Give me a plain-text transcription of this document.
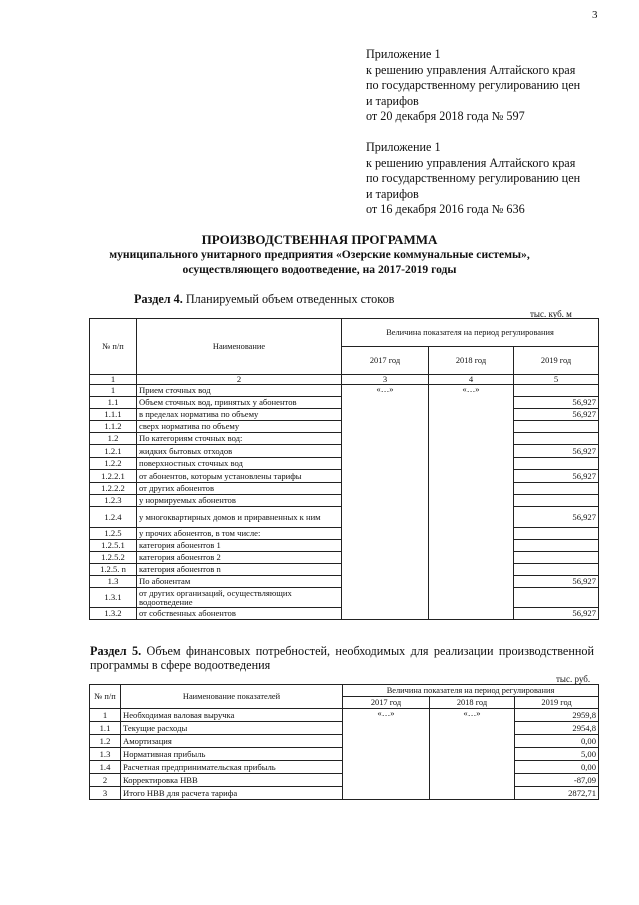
3
Приложение 1
к решению управления Алтайского края
по государственному регулированию цен
и тарифов
от 20 декабря 2018 года № 597
Приложение 1
к решению управления Алтайского края
по государственному регулированию цен
и тарифов
от 16 декабря 2016 года № 636
ПРОИЗВОДСТВЕННАЯ ПРОГРАММА
муниципального унитарного предприятия «Озерские коммунальные системы»,
осуществляющего водоотведение, на 2017-2019 годы
Раздел 4. Планируемый объем отведенных стоков
тыс. куб. м
№ п/п	Наименование	Величина показателя на период регулирования		
		2017 год	2018 год	2019 год
1	2	3	4	5
1	Прием сточных вод	«…»	«…»	
1.1	Объем сточных вод, принятых у абонентов			56,927
1.1.1	в пределах норматива по объему			56,927
1.1.2	сверх норматива по объему			
1.2	По категориям сточных вод:			
1.2.1	жидких бытовых отходов			56,927
1.2.2	поверхностных сточных вод			
1.2.2.1	от абонентов, которым установлены тарифы			56,927
1.2.2.2	от других абонентов			
1.2.3	у нормируемых абонентов			
1.2.4	у многоквартирных домов и приравненных к ним			56,927
1.2.5	у прочих абонентов, в том числе:			
1.2.5.1	категория абонентов 1			
1.2.5.2	категория абонентов 2			
1.2.5. n	категория абонентов n			
1.3	По абонентам			56,927
1.3.1	от других организаций, осуществляющих водоотведение			
1.3.2	от собственных абонентов			56,927
Раздел 5. Объем финансовых потребностей, необходимых для реализации производственной программы в сфере водоотведения
тыс. руб.
№ п/п	Наименование показателей	Величина показателя на период регулирования		
		2017 год	2018 год	2019 год
1	Необходимая валовая выручка	«…»	«…»	2959,8
1.1	Текущие расходы			2954,8
1.2	Амортизация			0,00
1.3	Нормативная прибыль			5,00
1.4	Расчетная предпринимательская прибыль			0,00
2	Корректировка НВВ			-87,09
3	Итого НВВ для расчета тарифа			2872,71
